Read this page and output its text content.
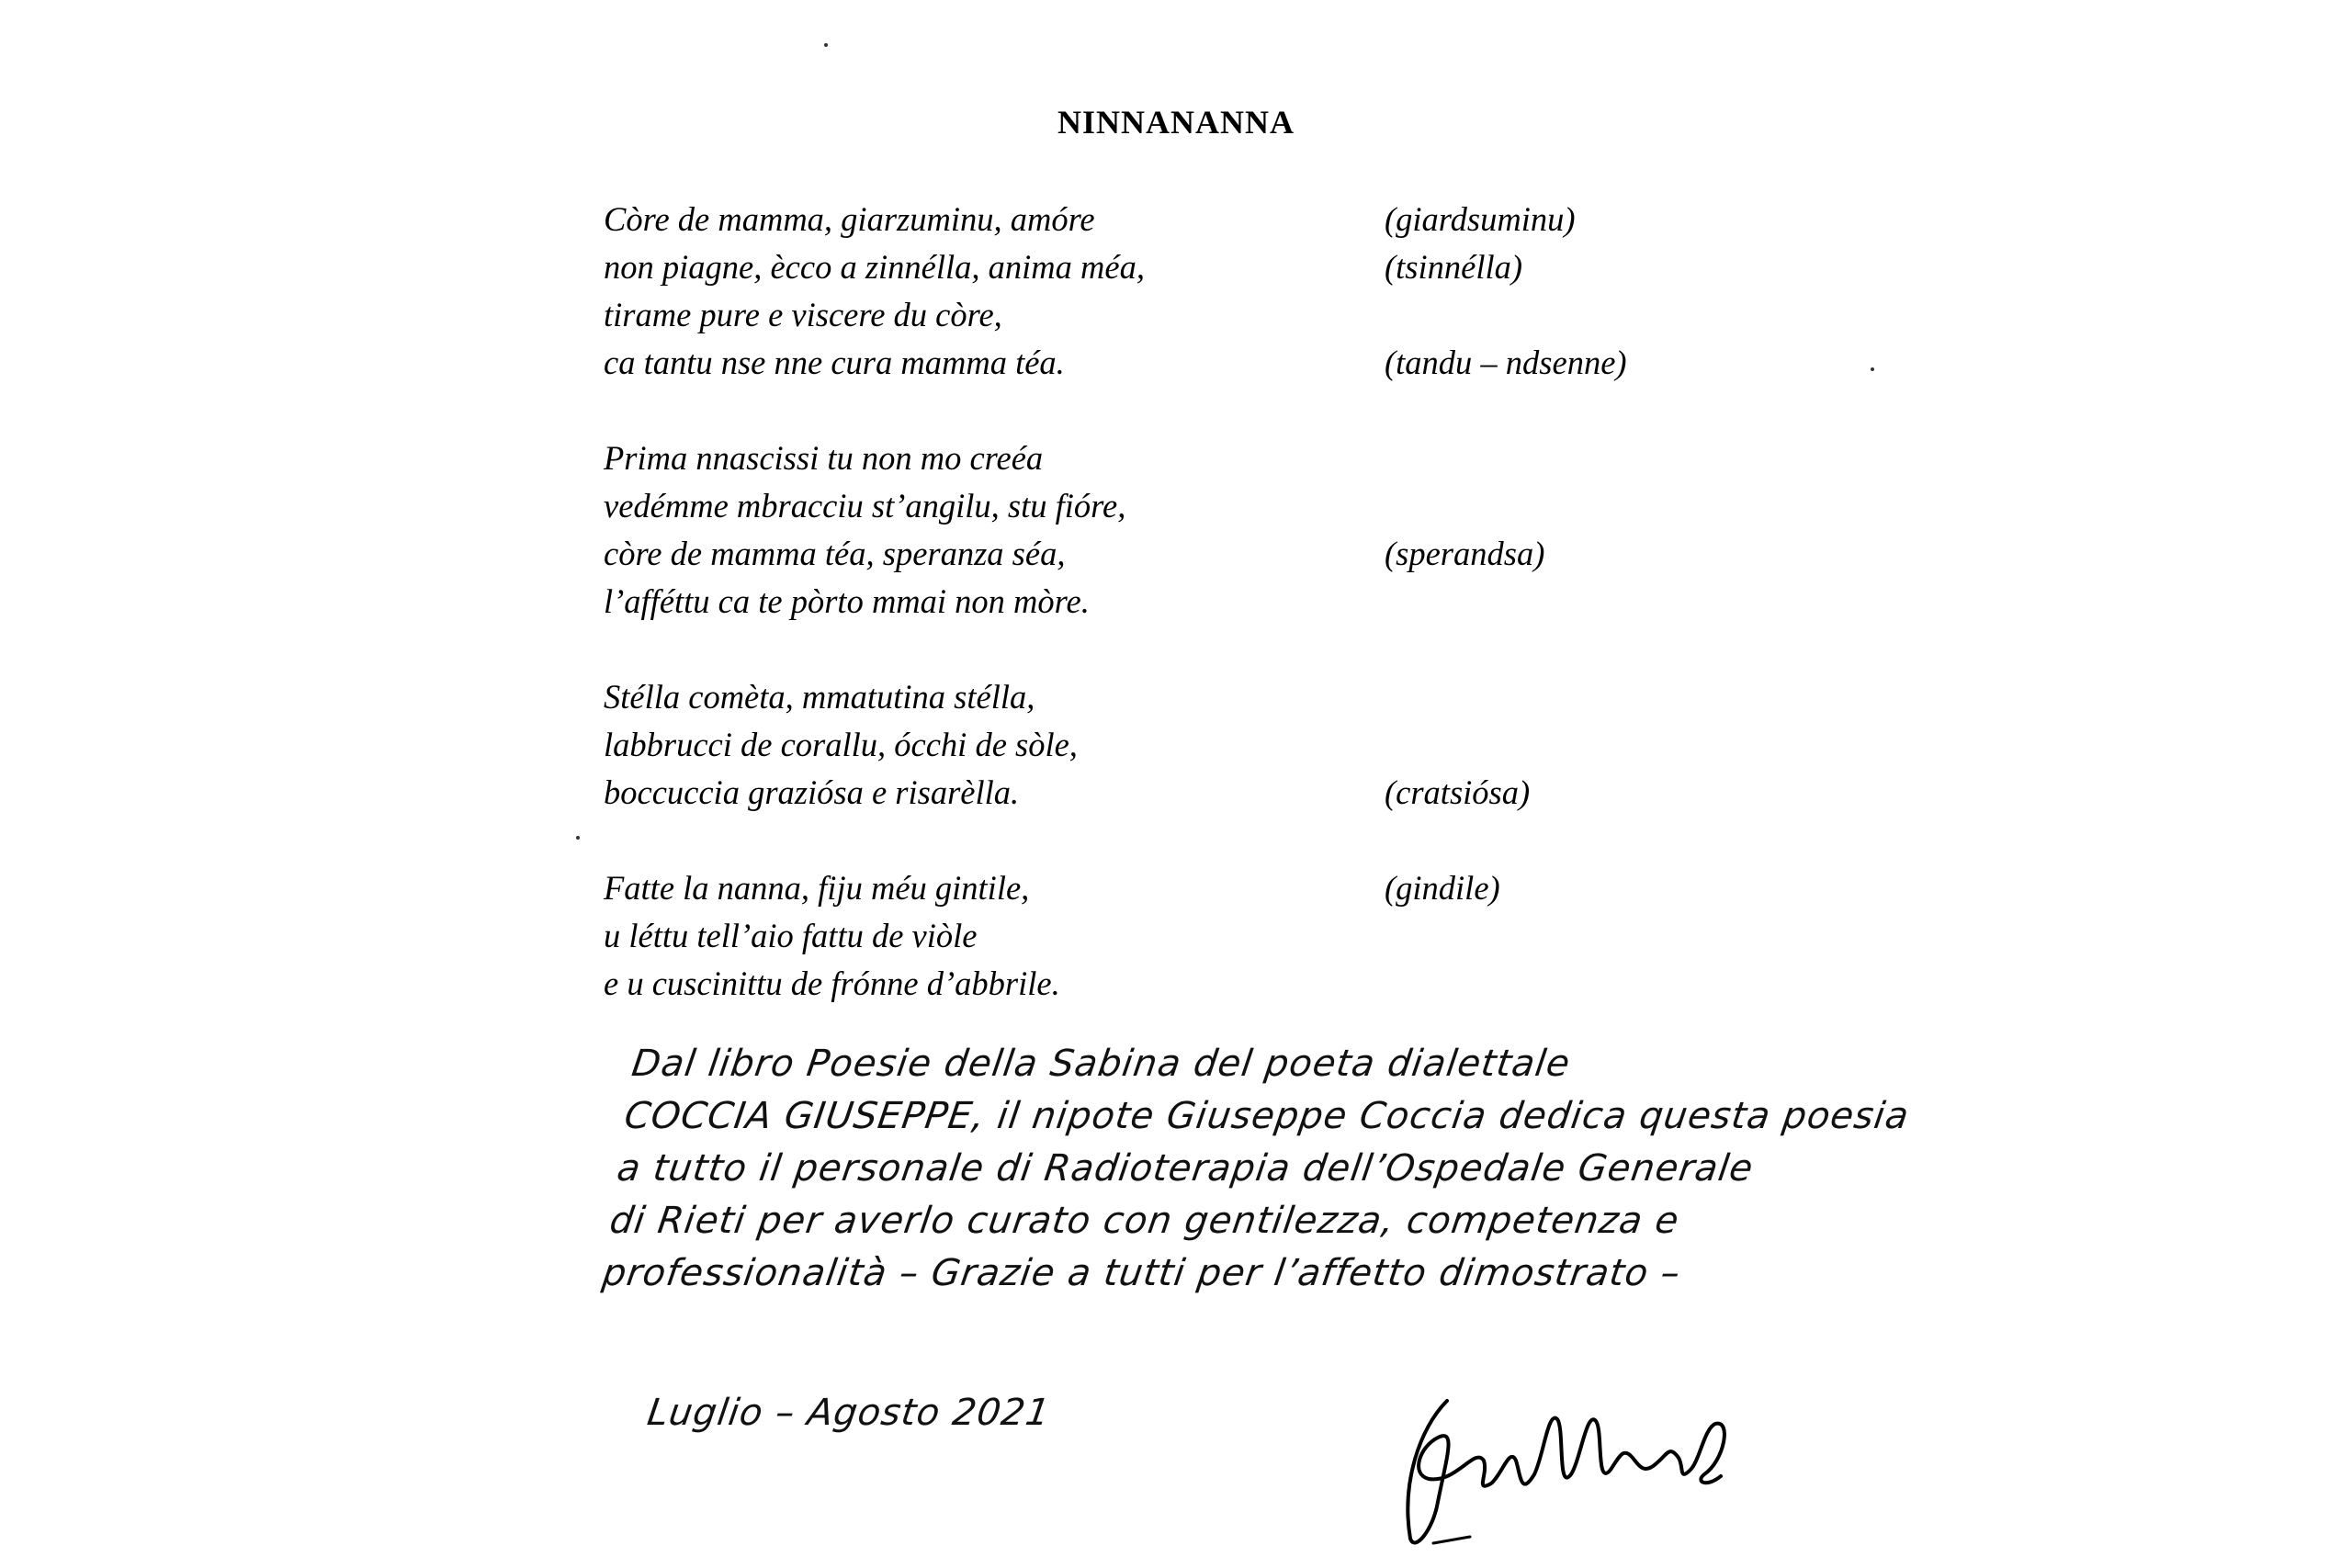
NINNANANNA
Còre de mamma, giarzuminu, amóre	(giardsuminu)
non piagne, ècco a zinnélla, anima méa,	(tsinnélla)
tirame pure e viscere du còre,
ca tantu nse nne cura mamma téa.	(tandu – ndsenne)
Prima nnascissi tu non mo creéa
vedémme mbracciu st’angilu, stu fióre,
còre de mamma téa, speranza séa,	(sperandsa)
l’afféttu ca te pòrto mmai non mòre.
Stélla comèta, mmatutina stélla,
labbrucci de corallu, ócchi de sòle,
boccuccia graziósa e risarèlla.	(cratsiósa)
Fatte la nanna, fiju méu gintile,	(gindile)
u léttu tell’aio fattu de viòle
e u cuscinittu de frónne d’abbrile.
Dal libro Poesie della Sabina del poeta dialettale
COCCIA GIUSEPPE, il nipote Giuseppe Coccia dedica questa poesia
a tutto il personale di Radioterapia dell’Ospedale Generale
di Rieti per averlo curato con gentilezza, competenza e
professionalità – Grazie a tutti per l’affetto dimostrato –
Luglio – Agosto 2021
